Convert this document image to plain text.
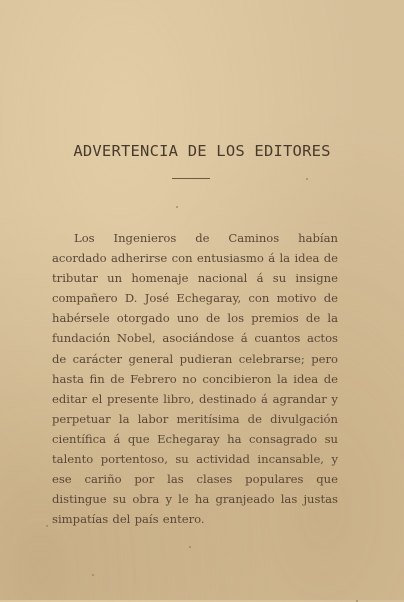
ADVERTENCIA DE LOS EDITORES

Los Ingenieros de Caminos habían acordado adherirse con entusiasmo á la idea de tributar un homenaje nacional á su insigne compañero D. José Echegaray, con motivo de habérsele otorgado uno de los premios de la fundación Nobel, asociándose á cuantos actos de carácter general pudieran celebrarse; pero hasta fin de Febrero no concibieron la idea de editar el presente libro, destinado á agrandar y perpetuar la labor meritísima de divulgación científica á que Echegaray ha consagrado su talento portentoso, su actividad incansable, y ese cariño por las clases populares que distingue su obra y le ha granjeado las justas simpatías del país entero.
